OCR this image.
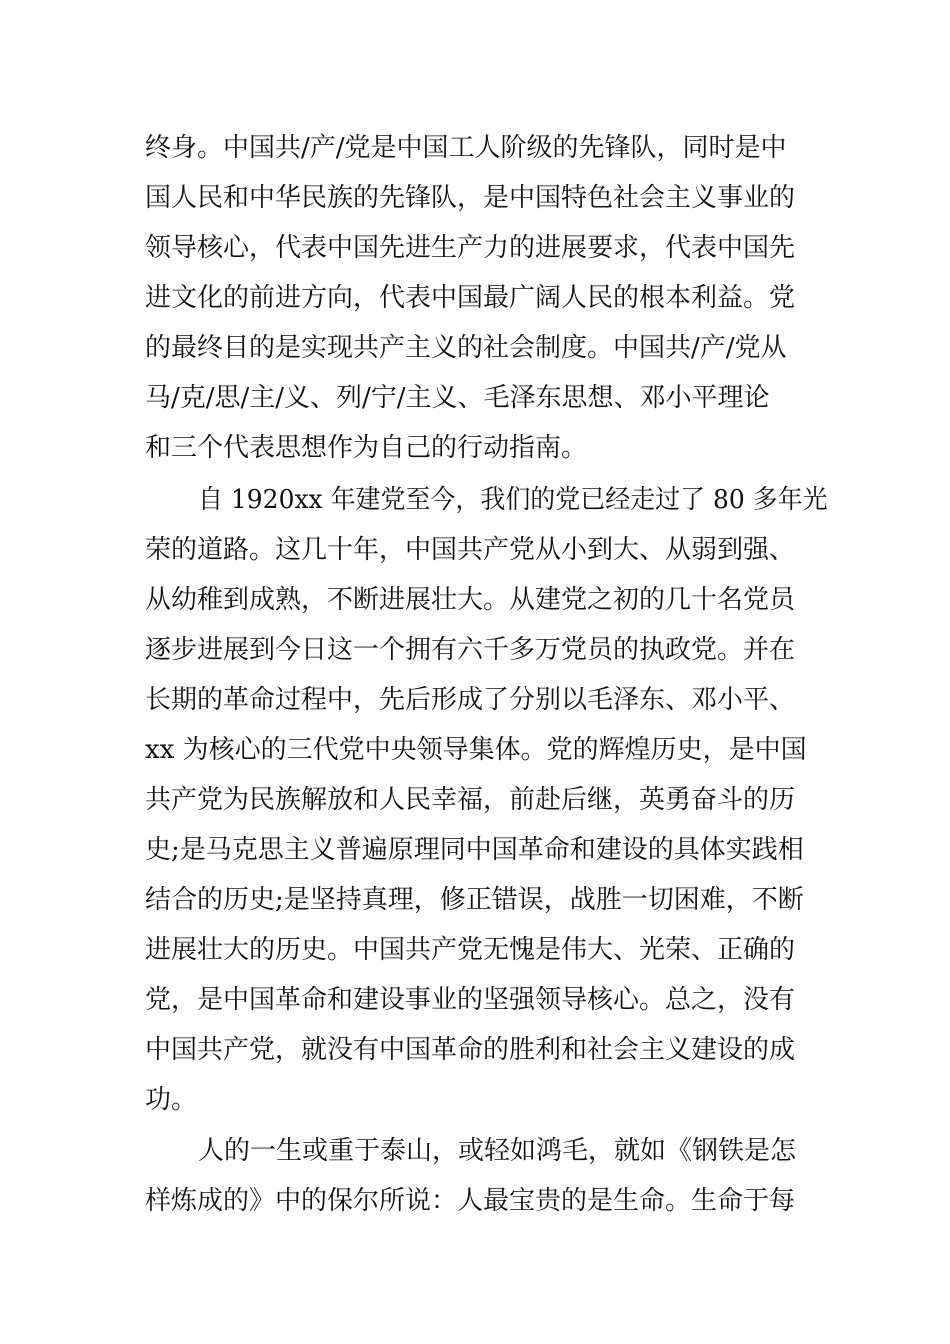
终身。中国共/产/党是中国工人阶级的先锋队，同时是中
国人民和中华民族的先锋队，是中国特色社会主义事业的
领导核心，代表中国先进生产力的进展要求，代表中国先
进文化的前进方向，代表中国最广阔人民的根本利益。党
的最终目的是实现共产主义的社会制度。中国共/产/党从
马/克/思/主/义、列/宁/主义、毛泽东思想、邓小平理论
和三个代表思想作为自己的行动指南。
自 1920xx 年建党至今，我们的党已经走过了 80 多年光
荣的道路。这几十年，中国共产党从小到大、从弱到强、
从幼稚到成熟，不断进展壮大。从建党之初的几十名党员
逐步进展到今日这一个拥有六千多万党员的执政党。并在
长期的革命过程中，先后形成了分别以毛泽东、邓小平、
xx 为核心的三代党中央领导集体。党的辉煌历史，是中国
共产党为民族解放和人民幸福，前赴后继，英勇奋斗的历
史;是马克思主义普遍原理同中国革命和建设的具体实践相
结合的历史;是坚持真理，修正错误，战胜一切困难，不断
进展壮大的历史。中国共产党无愧是伟大、光荣、正确的
党，是中国革命和建设事业的坚强领导核心。总之，没有
中国共产党，就没有中国革命的胜利和社会主义建设的成
功。
人的一生或重于泰山，或轻如鸿毛，就如《钢铁是怎
样炼成的》中的保尔所说：人最宝贵的是生命。生命于每
